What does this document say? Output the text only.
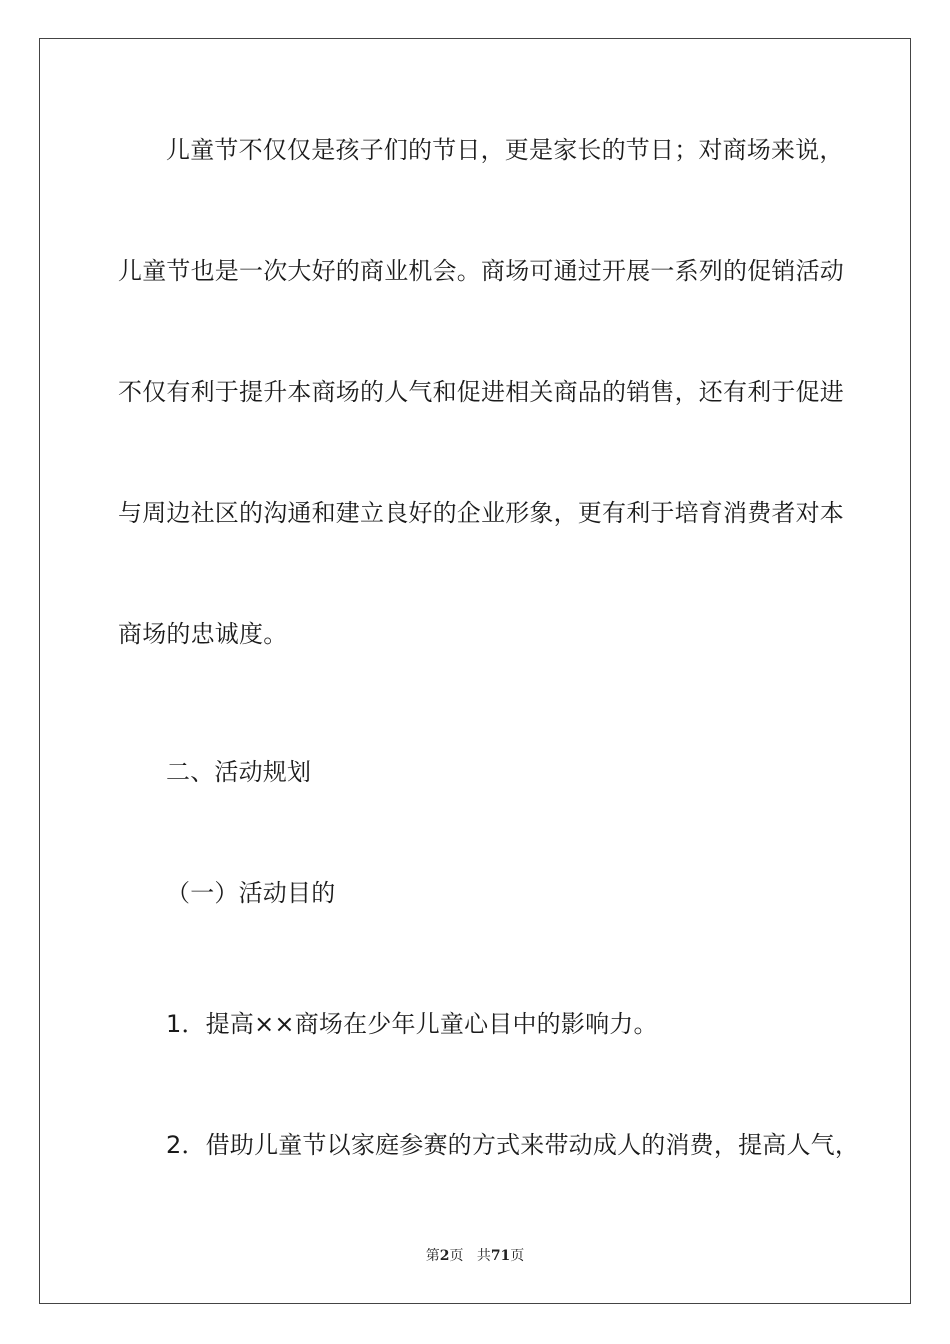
儿童节不仅仅是孩子们的节日，更是家长的节日；对商场来说，
儿童节也是一次大好的商业机会。商场可通过开展一系列的促销活动
不仅有利于提升本商场的人气和促进相关商品的销售，还有利于促进
与周边社区的沟通和建立良好的企业形象，更有利于培育消费者对本
商场的忠诚度。
二、活动规划
（一）活动目的
1．提高××商场在少年儿童心目中的影响力。
2．借助儿童节以家庭参赛的方式来带动成人的消费，提高人气，
第2页 共71页
